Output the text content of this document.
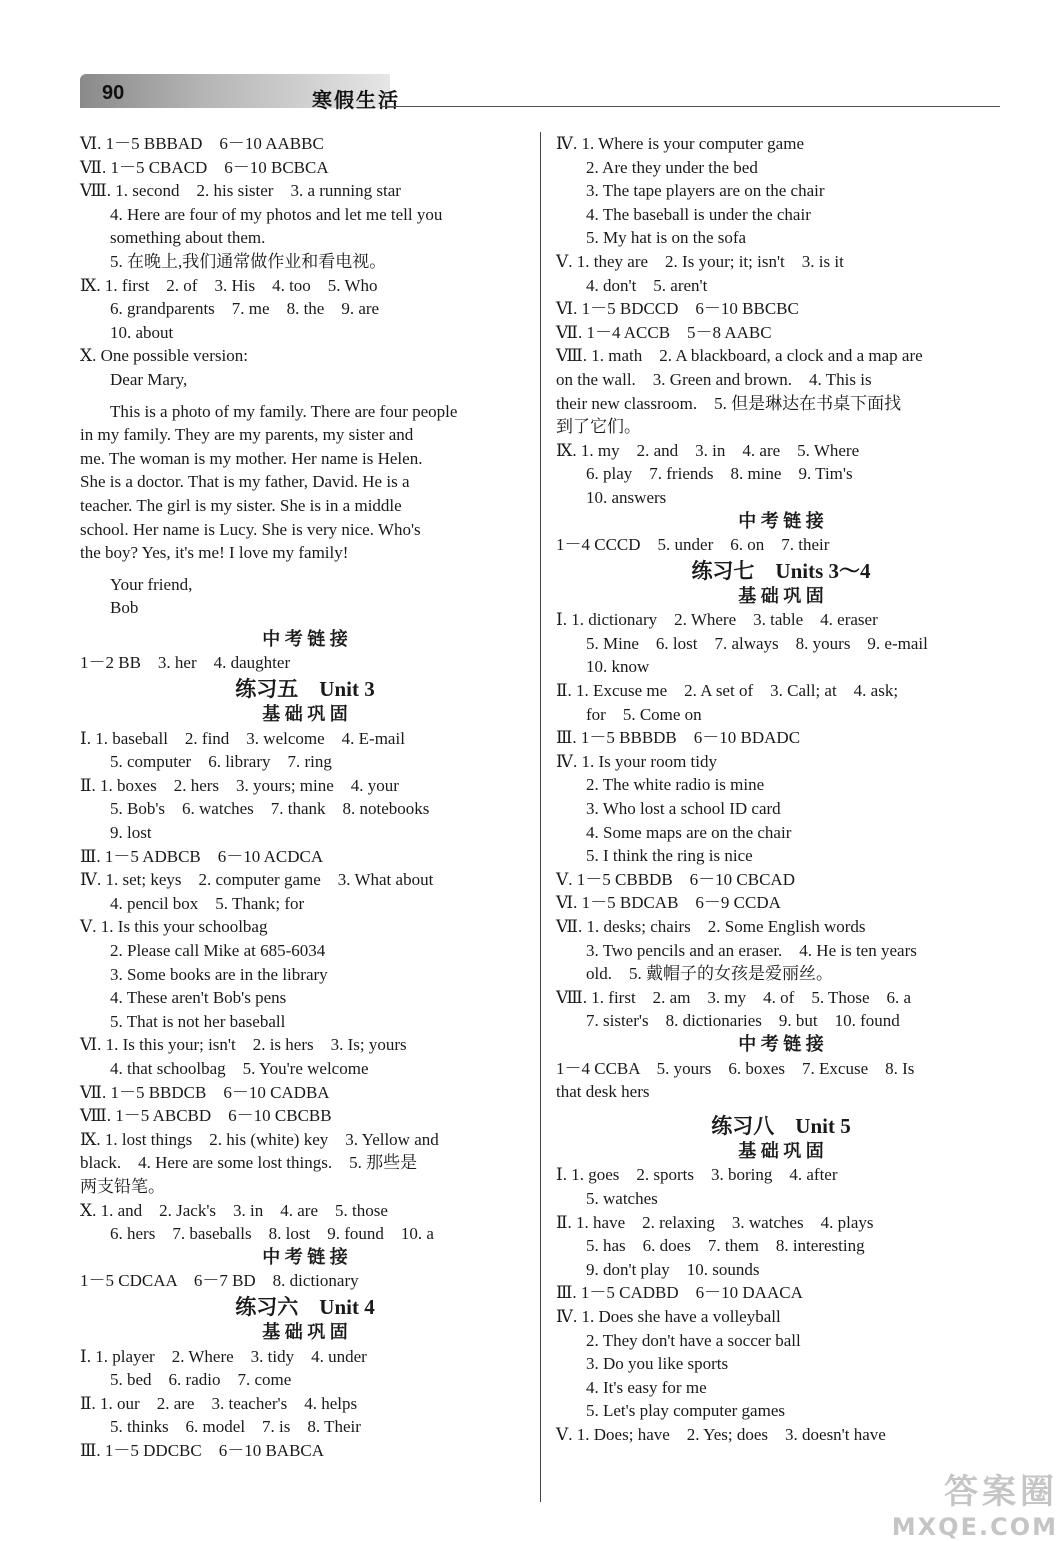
90	寒假生活
Ⅵ. 1－5 BBBAD　6－10 AABBC
Ⅶ. 1－5 CBACD　6－10 BCBCA
Ⅷ. 1. second　2. his sister　3. a running star
4. Here are four of my photos and let me tell you
something about them.
5. 在晚上,我们通常做作业和看电视。
Ⅸ. 1. first　2. of　3. His　4. too　5. Who
6. grandparents　7. me　8. the　9. are
10. about
Ⅹ. One possible version:
Dear Mary,
This is a photo of my family. There are four people
in my family. They are my parents, my sister and
me. The woman is my mother. Her name is Helen.
She is a doctor. That is my father, David. He is a
teacher. The girl is my sister. She is in a middle
school. Her name is Lucy. She is very nice. Who's
the boy? Yes, it's me! I love my family!
Your friend,
Bob
中 考 链 接
1－2 BB　3. her　4. daughter
练习五　Unit 3
基 础 巩 固
Ⅰ. 1. baseball　2. find　3. welcome　4. E-mail
5. computer　6. library　7. ring
Ⅱ. 1. boxes　2. hers　3. yours; mine　4. your
5. Bob's　6. watches　7. thank　8. notebooks
9. lost
Ⅲ. 1－5 ADBCB　6－10 ACDCA
Ⅳ. 1. set; keys　2. computer game　3. What about
4. pencil box　5. Thank; for
Ⅴ. 1. Is this your schoolbag
2. Please call Mike at 685-6034
3. Some books are in the library
4. These aren't Bob's pens
5. That is not her baseball
Ⅵ. 1. Is this your; isn't　2. is hers　3. Is; yours
4. that schoolbag　5. You're welcome
Ⅶ. 1－5 BBDCB　6－10 CADBA
Ⅷ. 1－5 ABCBD　6－10 CBCBB
Ⅸ. 1. lost things　2. his (white) key　3. Yellow and
black.　4. Here are some lost things.　5. 那些是
两支铅笔。
Ⅹ. 1. and　2. Jack's　3. in　4. are　5. those
6. hers　7. baseballs　8. lost　9. found　10. a
中 考 链 接
1－5 CDCAA　6－7 BD　8. dictionary
练习六　Unit 4
基 础 巩 固
Ⅰ. 1. player　2. Where　3. tidy　4. under
5. bed　6. radio　7. come
Ⅱ. 1. our　2. are　3. teacher's　4. helps
5. thinks　6. model　7. is　8. Their
Ⅲ. 1－5 DDCBC　6－10 BABCA
Ⅳ. 1. Where is your computer game
2. Are they under the bed
3. The tape players are on the chair
4. The baseball is under the chair
5. My hat is on the sofa
Ⅴ. 1. they are　2. Is your; it; isn't　3. is it
4. don't　5. aren't
Ⅵ. 1－5 BDCCD　6－10 BBCBC
Ⅶ. 1－4 ACCB　5－8 AABC
Ⅷ. 1. math　2. A blackboard, a clock and a map are
on the wall.　3. Green and brown.　4. This is
their new classroom.　5. 但是琳达在书桌下面找
到了它们。
Ⅸ. 1. my　2. and　3. in　4. are　5. Where
6. play　7. friends　8. mine　9. Tim's
10. answers
中 考 链 接
1－4 CCCD　5. under　6. on　7. their
练习七　Units 3～4
基 础 巩 固
Ⅰ. 1. dictionary　2. Where　3. table　4. eraser
5. Mine　6. lost　7. always　8. yours　9. e-mail
10. know
Ⅱ. 1. Excuse me　2. A set of　3. Call; at　4. ask;
for　5. Come on
Ⅲ. 1－5 BBBDB　6－10 BDADC
Ⅳ. 1. Is your room tidy
2. The white radio is mine
3. Who lost a school ID card
4. Some maps are on the chair
5. I think the ring is nice
Ⅴ. 1－5 CBBDB　6－10 CBCAD
Ⅵ. 1－5 BDCAB　6－9 CCDA
Ⅶ. 1. desks; chairs　2. Some English words
3. Two pencils and an eraser.　4. He is ten years
old.　5. 戴帽子的女孩是爱丽丝。
Ⅷ. 1. first　2. am　3. my　4. of　5. Those　6. a
7. sister's　8. dictionaries　9. but　10. found
中 考 链 接
1－4 CCBA　5. yours　6. boxes　7. Excuse　8. Is
that desk hers
练习八　Unit 5
基 础 巩 固
Ⅰ. 1. goes　2. sports　3. boring　4. after
5. watches
Ⅱ. 1. have　2. relaxing　3. watches　4. plays
5. has　6. does　7. them　8. interesting
9. don't play　10. sounds
Ⅲ. 1－5 CADBD　6－10 DAACA
Ⅳ. 1. Does she have a volleyball
2. They don't have a soccer ball
3. Do you like sports
4. It's easy for me
5. Let's play computer games
Ⅴ. 1. Does; have　2. Yes; does　3. doesn't have
答案圈
MXQE.COM
